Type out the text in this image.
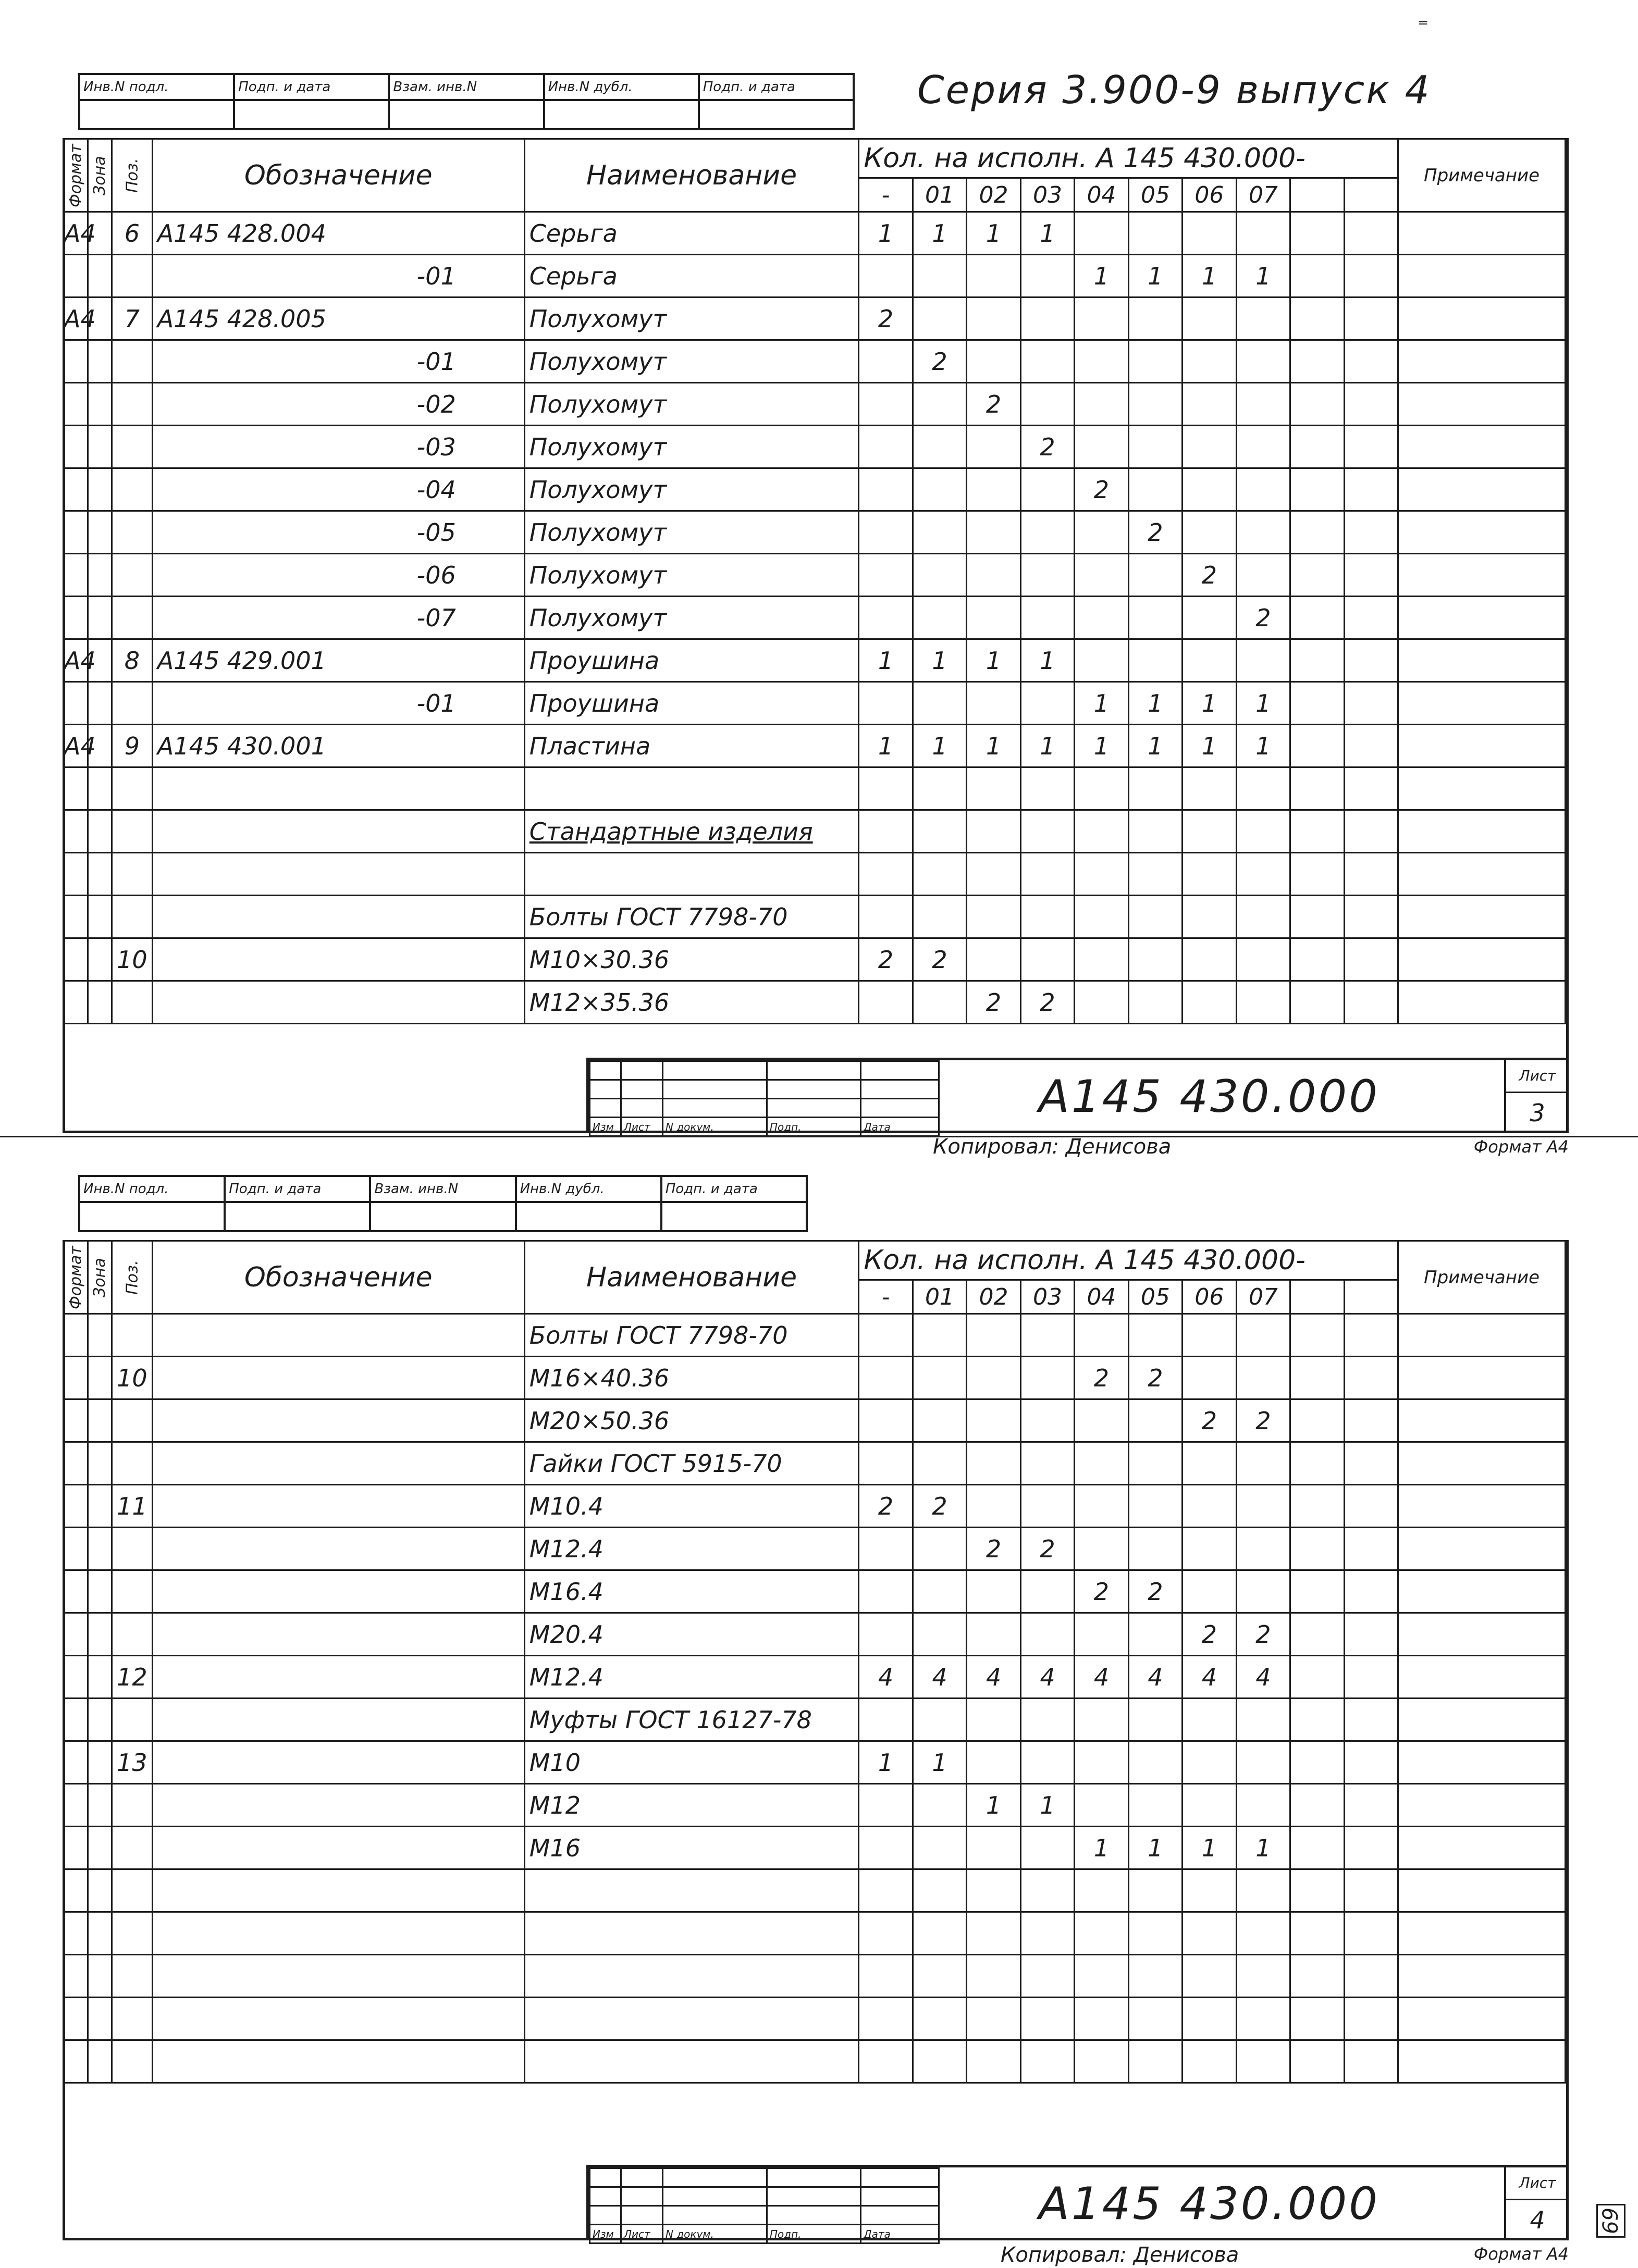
⁼
Инв.N подл.	Подп. и дата	Взам. инв.N	Инв.N дубл.	Подп. и дата
					Серия 3.900-9 выпуск 4
Формат	Зона	Поз.	Обозначение	Наименование	Кол. на исполн. А 145 430.000-										Примечание
					-	01	02	03	04	05	06	07			
А4		6	А145 428.004	Серьга	1	1	1	1							
			-01	Серьга					1	1	1	1			
А4		7	А145 428.005	Полухомут	2										
			-01	Полухомут		2									
			-02	Полухомут			2								
			-03	Полухомут				2							
			-04	Полухомут					2						
			-05	Полухомут						2					
			-06	Полухомут							2				
			-07	Полухомут								2			
А4		8	А145 429.001	Проушина	1	1	1	1							
			-01	Проушина					1	1	1	1			
А4		9	А145 430.001	Пластина	1	1	1	1	1	1	1	1			

				Стандартные изделия											

				Болты ГОСТ 7798-70											
		10		М10×30.36	2	2									
				М12×35.36			2	2							

Изм	Лист	N докум.	Подп.	Дата
А145 430.000	Лист
3
Копировал: Денисова	Формат А4
Инв.N подл.	Подп. и дата	Взам. инв.N	Инв.N дубл.	Подп. и дата

Формат	Зона	Поз.	Обозначение	Наименование	Кол. на исполн. А 145 430.000-										Примечание
					-	01	02	03	04	05	06	07			
				Болты ГОСТ 7798-70											
		10		М16×40.36					2	2					
				М20×50.36							2	2			
				Гайки ГОСТ 5915-70											
		11		М10.4	2	2									
				М12.4			2	2							
				М16.4					2	2					
				М20.4							2	2			
		12		М12.4	4	4	4	4	4	4	4	4			
				Муфты ГОСТ 16127-78											
		13		М10	1	1									
				М12			1	1							
				М16					1	1	1	1			

Изм	Лист	N докум.	Подп.	Дата
А145 430.000	Лист
4
Копировал: Денисова	Формат А4
69
